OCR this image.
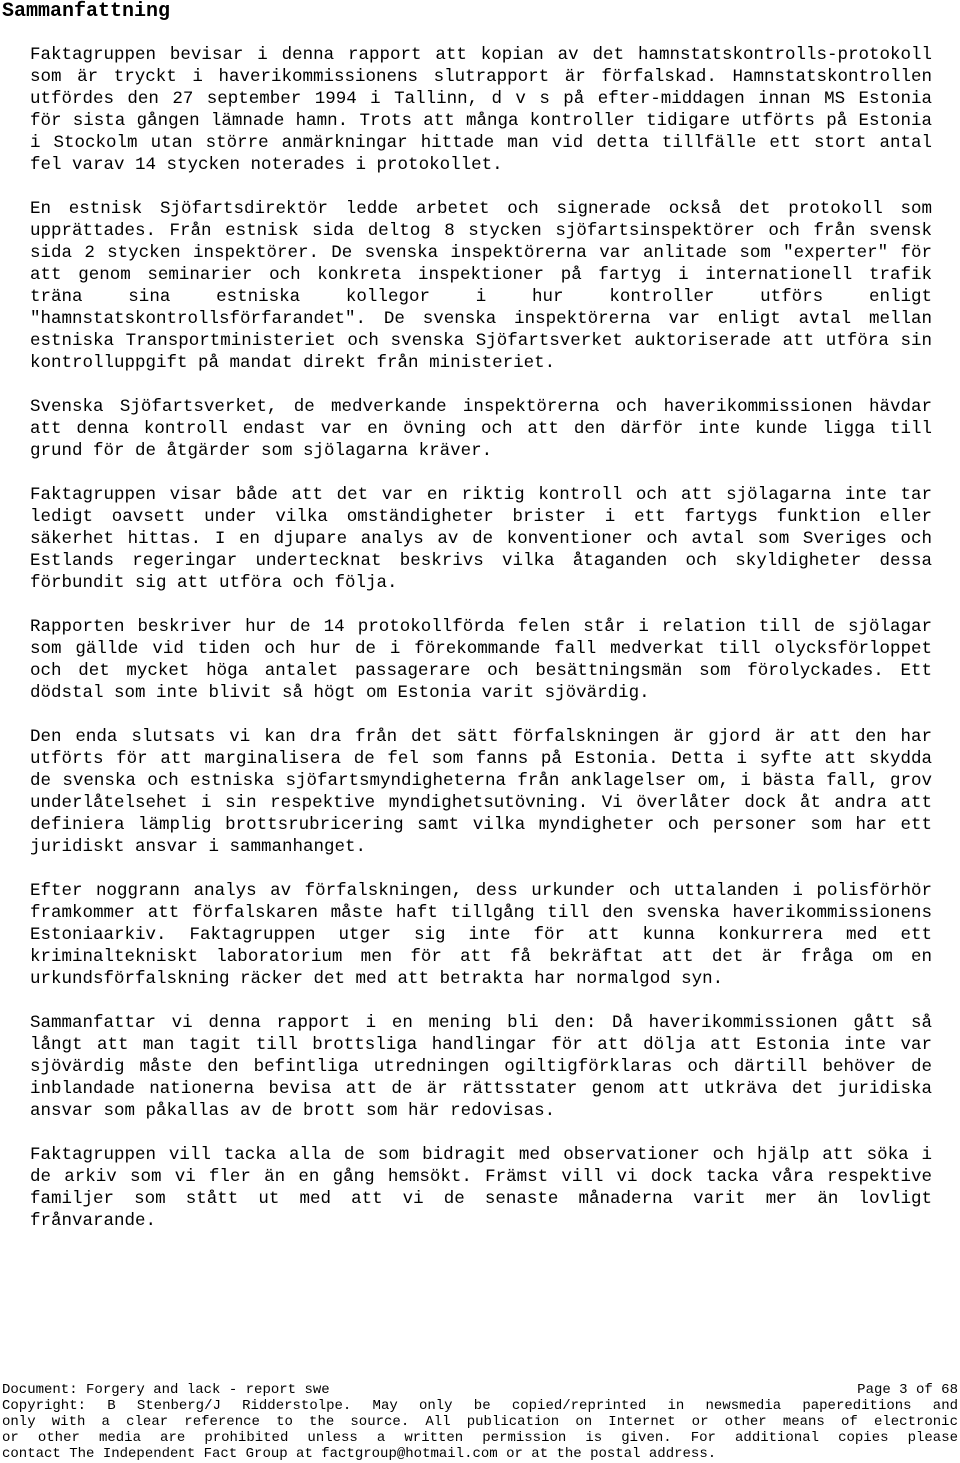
Sammanfattning

Faktagruppen bevisar i denna rapport att kopian av det hamnstatskontrolls-protokoll som är tryckt i haverikommissionens slutrapport är förfalskad. Hamnstatskontrollen utfördes den 27 september 1994 i Tallinn, d v s på efter-middagen innan MS Estonia för sista gången lämnade hamn. Trots att många kontroller tidigare utförts på Estonia i Stockolm utan större anmärkningar hittade man vid detta tillfälle ett stort antal fel varav 14 stycken noterades i protokollet.

En estnisk Sjöfartsdirektör ledde arbetet och signerade också det protokoll som upprättades. Från estnisk sida deltog 8 stycken sjöfartsinspektörer och från svensk sida 2 stycken inspektörer. De svenska inspektörerna var anlitade som "experter" för att genom seminarier och konkreta inspektioner på fartyg i internationell trafik träna sina estniska kollegor i hur kontroller utförs enligt "hamnstatskontrollsförfarandet". De svenska inspektörerna var enligt avtal mellan estniska Transportministeriet och svenska Sjöfartsverket auktoriserade att utföra sin kontrolluppgift på mandat direkt från ministeriet.

Svenska Sjöfartsverket, de medverkande inspektörerna och haverikommissionen hävdar att denna kontroll endast var en övning och att den därför inte kunde ligga till grund för de åtgärder som sjölagarna kräver.

Faktagruppen visar både att det var en riktig kontroll och att sjölagarna inte tar ledigt oavsett under vilka omständigheter brister i ett fartygs funktion eller säkerhet hittas. I en djupare analys av de konventioner och avtal som Sveriges och Estlands regeringar undertecknat beskrivs vilka åtaganden och skyldigheter dessa förbundit sig att utföra och följa.

Rapporten beskriver hur de 14 protokollförda felen står i relation till de sjölagar som gällde vid tiden och hur de i förekommande fall medverkat till olycksförloppet och det mycket höga antalet passagerare och besättningsmän som förolyckades. Ett dödstal som inte blivit så högt om Estonia varit sjövärdig.

Den enda slutsats vi kan dra från det sätt förfalskningen är gjord är att den har utförts för att marginalisera de fel som fanns på Estonia. Detta i syfte att skydda de svenska och estniska sjöfartsmyndigheterna från anklagelser om, i bästa fall, grov underlåtelsehet i sin respektive myndighetsutövning. Vi överlåter dock åt andra att definiera lämplig brottsrubricering samt vilka myndigheter och personer som har ett juridiskt ansvar i sammanhanget.

Efter noggrann analys av förfalskningen, dess urkunder och uttalanden i polisförhör framkommer att förfalskaren måste haft tillgång till den svenska haverikommissionens Estoniaarkiv. Faktagruppen utger sig inte för att kunna konkurrera med ett kriminaltekniskt laboratorium men för att få bekräftat att det är fråga om en urkundsförfalskning räcker det med att betrakta har normalgod syn.

Sammanfattar vi denna rapport i en mening bli den: Då haverikommissionen gått så långt att man tagit till brottsliga handlingar för att dölja att Estonia inte var sjövärdig måste den befintliga utredningen ogiltigförklaras och därtill behöver de inblandade nationerna bevisa att de är rättsstater genom att utkräva det juridiska ansvar som påkallas av de brott som här redovisas.

Faktagruppen vill tacka alla de som bidragit med observationer och hjälp att söka i de arkiv som vi fler än en gång hemsökt. Främst vill vi dock tacka våra respektive familjer som stått ut med att vi de senaste månaderna varit mer än lovligt frånvarande.

Document: Forgery and lack - report swe	Page 3 of 68
Copyright: B Stenberg/J Ridderstolpe. May only be copied/reprinted in newsmedia papereditions and
only with a clear reference to the source. All publication on Internet or other means of electronic
or other media are prohibited unless a written permission is given. For additional copies please
contact The Independent Fact Group at factgroup@hotmail.com or at the postal address.
